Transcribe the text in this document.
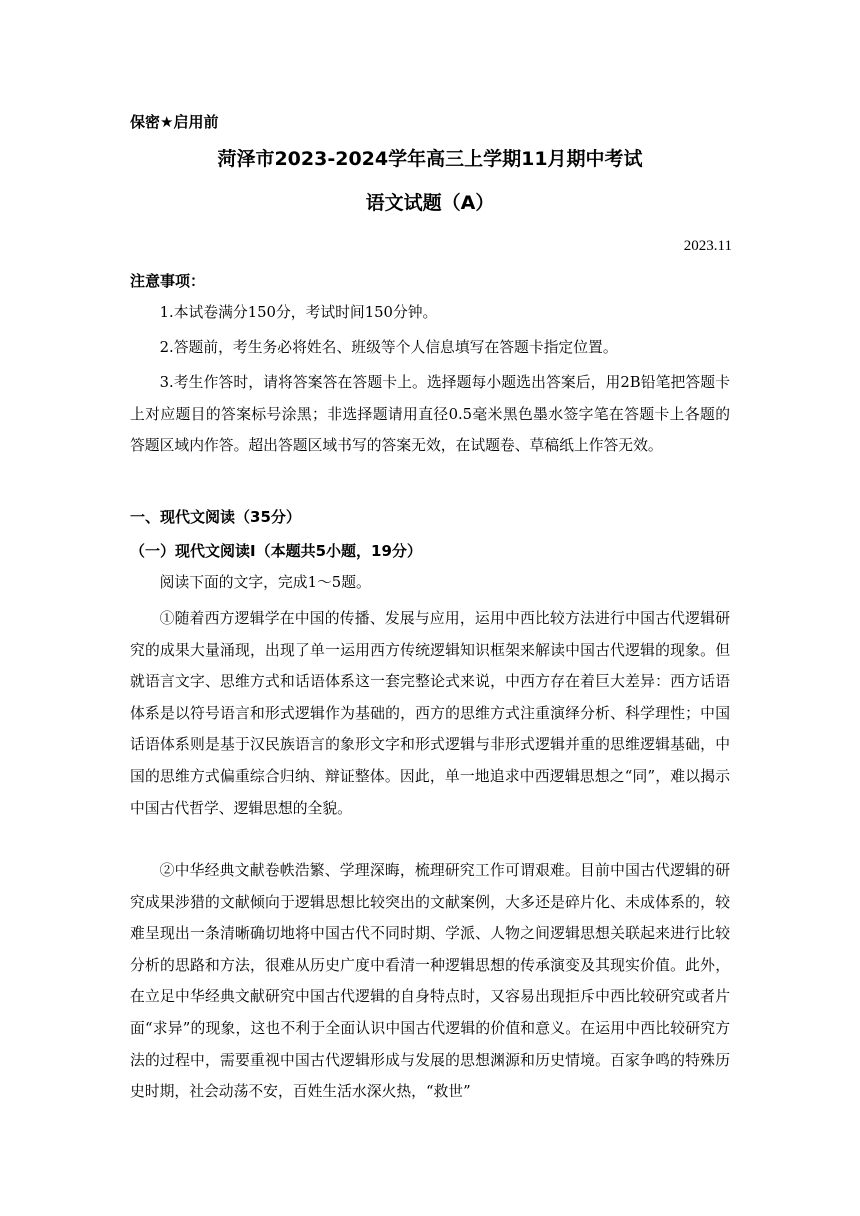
保密★启用前
菏泽市2023-2024学年高三上学期11月期中考试
语文试题（A）
2023.11
注意事项：

1.本试卷满分150分，考试时间150分钟。

2.答题前，考生务必将姓名、班级等个人信息填写在答题卡指定位置。

3.考生作答时，请将答案答在答题卡上。选择题每小题选出答案后，用2B铅笔把答题卡上对应题目的答案标号涂黑；非选择题请用直径0.5毫米黑色墨水签字笔在答题卡上各题的答题区域内作答。超出答题区域书写的答案无效，在试题卷、草稿纸上作答无效。

一、现代文阅读（35分）
（一）现代文阅读Ⅰ（本题共5小题，19分）

阅读下面的文字，完成1～5题。

①随着西方逻辑学在中国的传播、发展与应用，运用中西比较方法进行中国古代逻辑研究的成果大量涌现，出现了单一运用西方传统逻辑知识框架来解读中国古代逻辑的现象。但就语言文字、思维方式和话语体系这一套完整论式来说，中西方存在着巨大差异：西方话语体系是以符号语言和形式逻辑作为基础的，西方的思维方式注重演绎分析、科学理性；中国话语体系则是基于汉民族语言的象形文字和形式逻辑与非形式逻辑并重的思维逻辑基础，中国的思维方式偏重综合归纳、辩证整体。因此，单一地追求中西逻辑思想之“同”，难以揭示中国古代哲学、逻辑思想的全貌。

②中华经典文献卷帙浩繁、学理深晦，梳理研究工作可谓艰难。目前中国古代逻辑的研究成果涉猎的文献倾向于逻辑思想比较突出的文献案例，大多还是碎片化、未成体系的，较难呈现出一条清晰确切地将中国古代不同时期、学派、人物之间逻辑思想关联起来进行比较分析的思路和方法，很难从历史广度中看清一种逻辑思想的传承演变及其现实价值。此外，在立足中华经典文献研究中国古代逻辑的自身特点时，又容易出现拒斥中西比较研究或者片面“求异”的现象，这也不利于全面认识中国古代逻辑的价值和意义。在运用中西比较研究方法的过程中，需要重视中国古代逻辑形成与发展的思想渊源和历史情境。百家争鸣的特殊历史时期，社会动荡不安，百姓生活水深火热，“救世”
